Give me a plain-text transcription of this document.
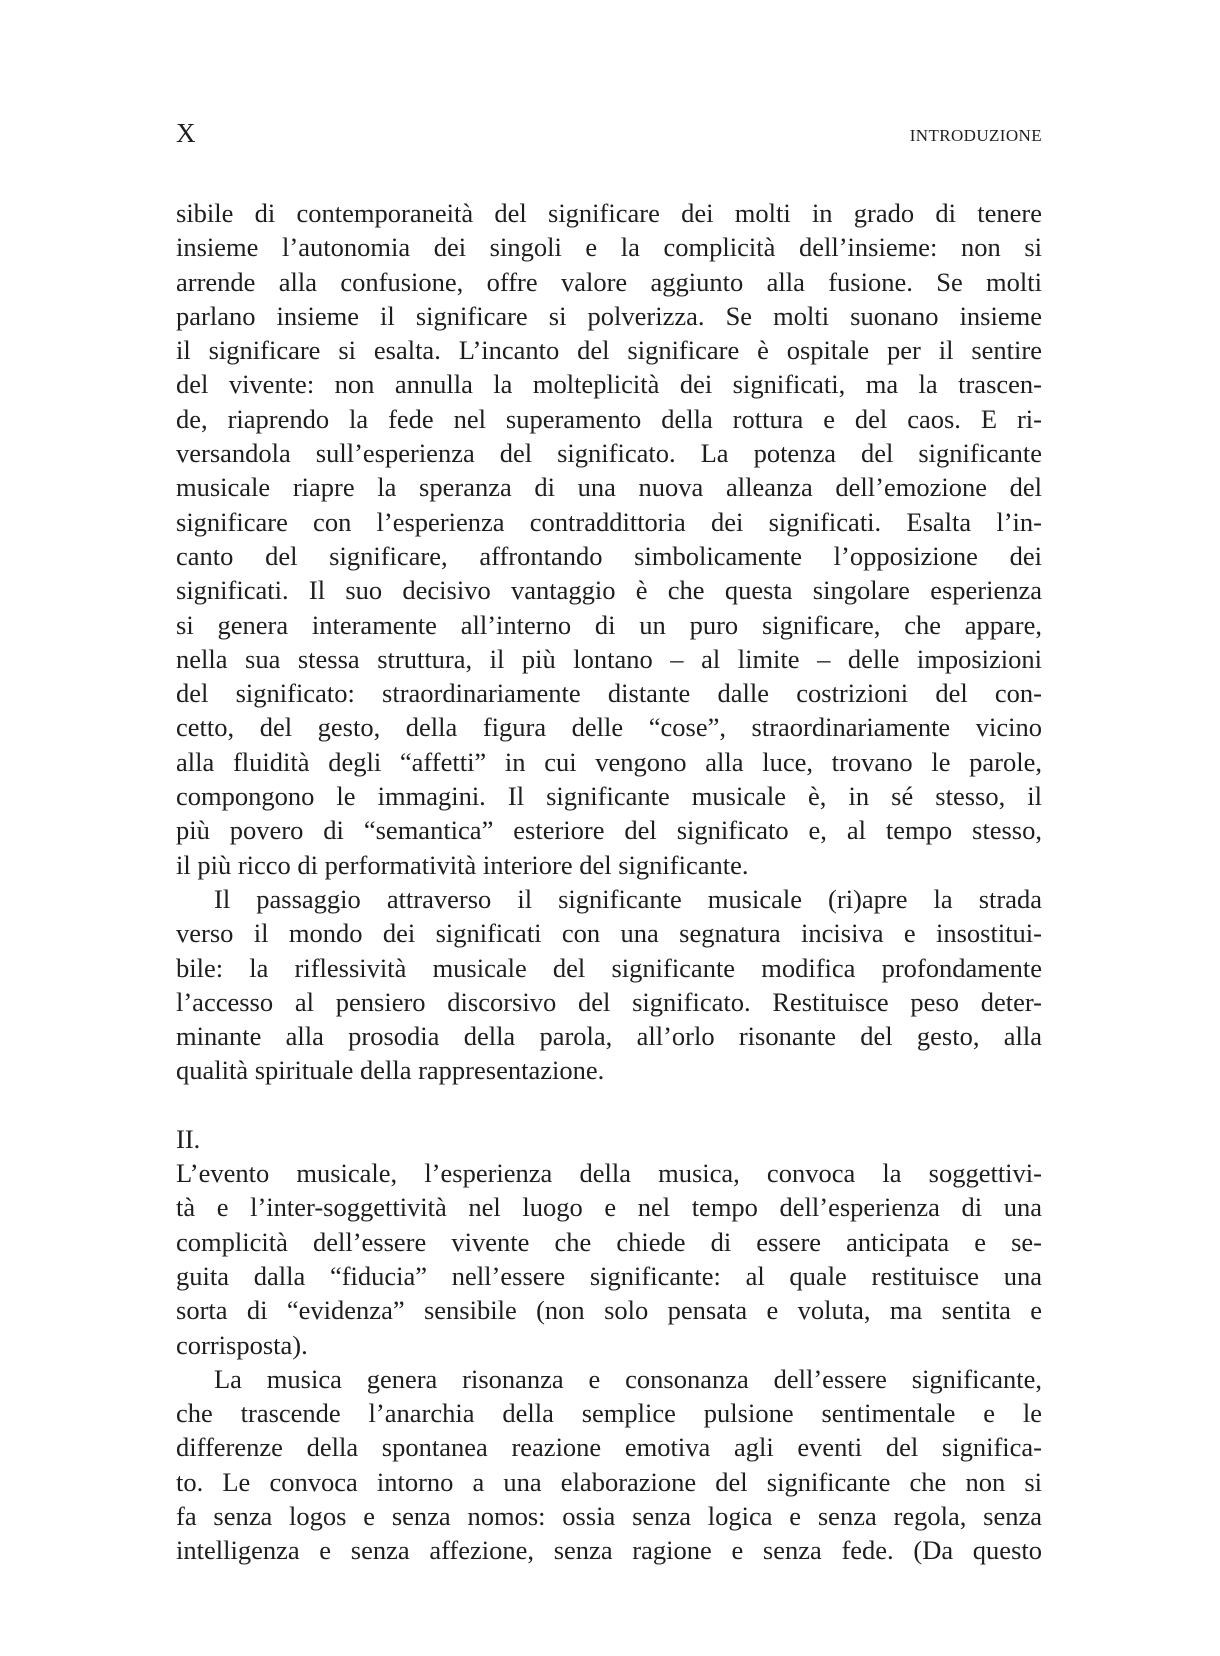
X	INTRODUZIONE
sibile di contemporaneità del significare dei molti in grado di tenere
insieme l’autonomia dei singoli e la complicità dell’insieme: non si
arrende alla confusione, offre valore aggiunto alla fusione. Se molti
parlano insieme il significare si polverizza. Se molti suonano insieme
il significare si esalta. L’incanto del significare è ospitale per il sentire
del vivente: non annulla la molteplicità dei significati, ma la trascen-
de, riaprendo la fede nel superamento della rottura e del caos. E ri-
versandola sull’esperienza del significato. La potenza del significante
musicale riapre la speranza di una nuova alleanza dell’emozione del
significare con l’esperienza contraddittoria dei significati. Esalta l’in-
canto del significare, affrontando simbolicamente l’opposizione dei
significati. Il suo decisivo vantaggio è che questa singolare esperienza
si genera interamente all’interno di un puro significare, che appare,
nella sua stessa struttura, il più lontano – al limite – delle imposizioni
del significato: straordinariamente distante dalle costrizioni del con-
cetto, del gesto, della figura delle “cose”, straordinariamente vicino
alla fluidità degli “affetti” in cui vengono alla luce, trovano le parole,
compongono le immagini. Il significante musicale è, in sé stesso, il
più povero di “semantica” esteriore del significato e, al tempo stesso,
il più ricco di performatività interiore del significante.
Il passaggio attraverso il significante musicale (ri)apre la strada
verso il mondo dei significati con una segnatura incisiva e insostitui-
bile: la riflessività musicale del significante modifica profondamente
l’accesso al pensiero discorsivo del significato. Restituisce peso deter-
minante alla prosodia della parola, all’orlo risonante del gesto, alla
qualità spirituale della rappresentazione.
II.
L’evento musicale, l’esperienza della musica, convoca la soggettivi-
tà e l’inter-soggettività nel luogo e nel tempo dell’esperienza di una
complicità dell’essere vivente che chiede di essere anticipata e se-
guita dalla “fiducia” nell’essere significante: al quale restituisce una
sorta di “evidenza” sensibile (non solo pensata e voluta, ma sentita e
corrisposta).
La musica genera risonanza e consonanza dell’essere significante,
che trascende l’anarchia della semplice pulsione sentimentale e le
differenze della spontanea reazione emotiva agli eventi del significa-
to. Le convoca intorno a una elaborazione del significante che non si
fa senza logos e senza nomos: ossia senza logica e senza regola, senza
intelligenza e senza affezione, senza ragione e senza fede. (Da questo
